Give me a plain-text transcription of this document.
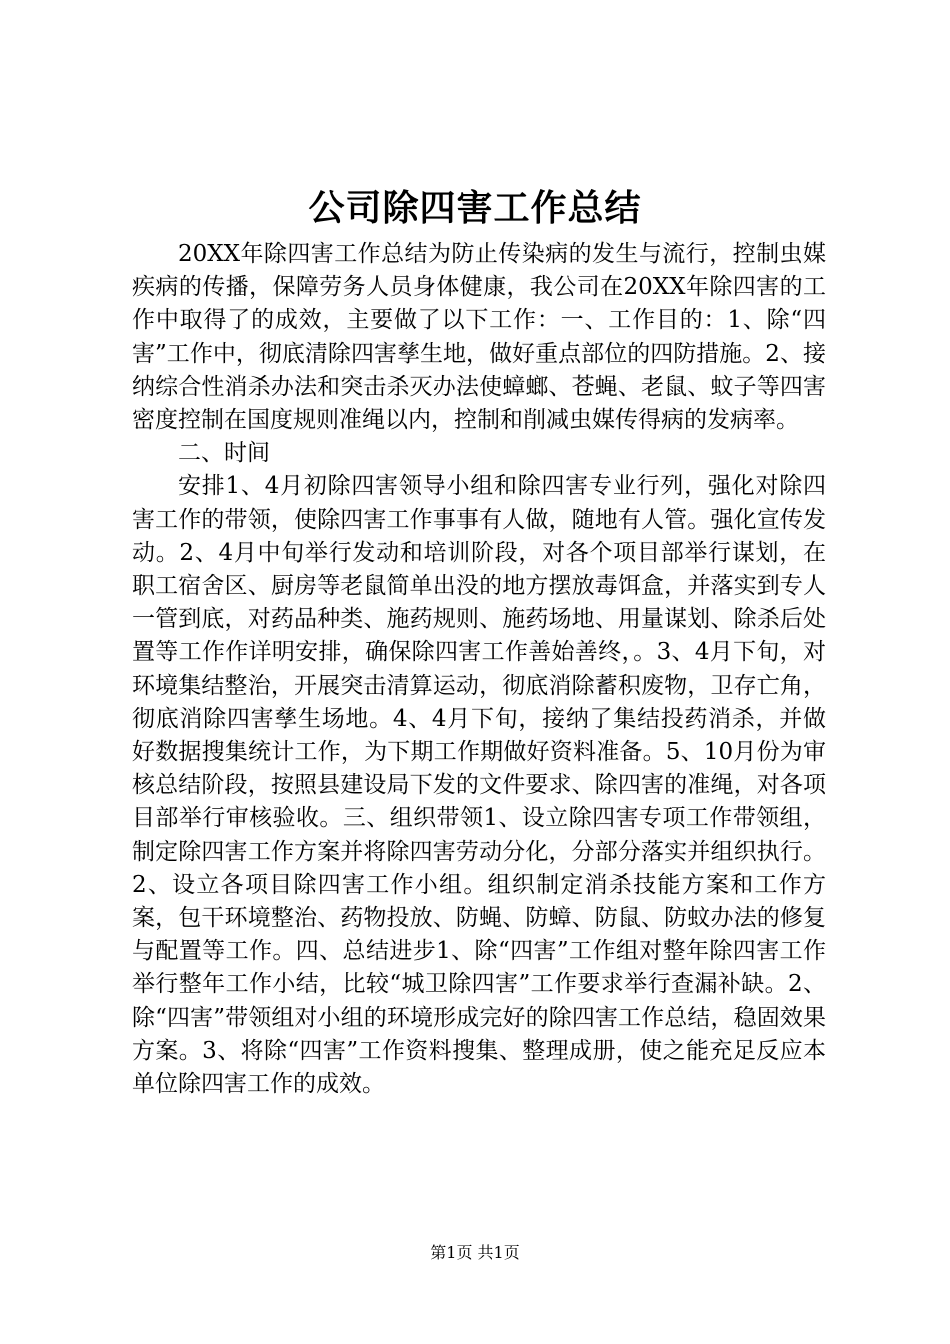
公司除四害工作总结

20XX年除四害工作总结为防止传染病的发生与流行，控制虫媒疾病的传播，保障劳务人员身体健康，我公司在20XX年除四害的工作中取得了的成效，主要做了以下工作：一、工作目的：1、除“四害”工作中，彻底清除四害孳生地，做好重点部位的四防措施。2、接纳综合性消杀办法和突击杀灭办法使蟑螂、苍蝇、老鼠、蚊子等四害密度控制在国度规则准绳以内，控制和削减虫媒传得病的发病率。

二、时间

安排1、4月初除四害领导小组和除四害专业行列，强化对除四害工作的带领，使除四害工作事事有人做，随地有人管。强化宣传发动。2、4月中旬举行发动和培训阶段，对各个项目部举行谋划，在职工宿舍区、厨房等老鼠简单出没的地方摆放毒饵盒，并落实到专人一管到底，对药品种类、施药规则、施药场地、用量谋划、除杀后处置等工作作详明安排，确保除四害工作善始善终，。3、4月下旬，对环境集结整治，开展突击清算运动，彻底消除蓄积废物，卫存亡角，彻底消除四害孳生场地。4、4月下旬，接纳了集结投药消杀，并做好数据搜集统计工作，为下期工作期做好资料准备。5、10月份为审核总结阶段，按照县建设局下发的文件要求、除四害的准绳，对各项目部举行审核验收。三、组织带领1、设立除四害专项工作带领组，制定除四害工作方案并将除四害劳动分化，分部分落实并组织执行。2、设立各项目除四害工作小组。组织制定消杀技能方案和工作方案，包干环境整治、药物投放、防蝇、防蟑、防鼠、防蚊办法的修复与配置等工作。四、总结进步1、除“四害”工作组对整年除四害工作举行整年工作小结，比较“城卫除四害”工作要求举行查漏补缺。2、除“四害”带领组对小组的环境形成完好的除四害工作总结，稳固效果方案。3、将除“四害”工作资料搜集、整理成册，使之能充足反应本单位除四害工作的成效。

第1页 共1页
